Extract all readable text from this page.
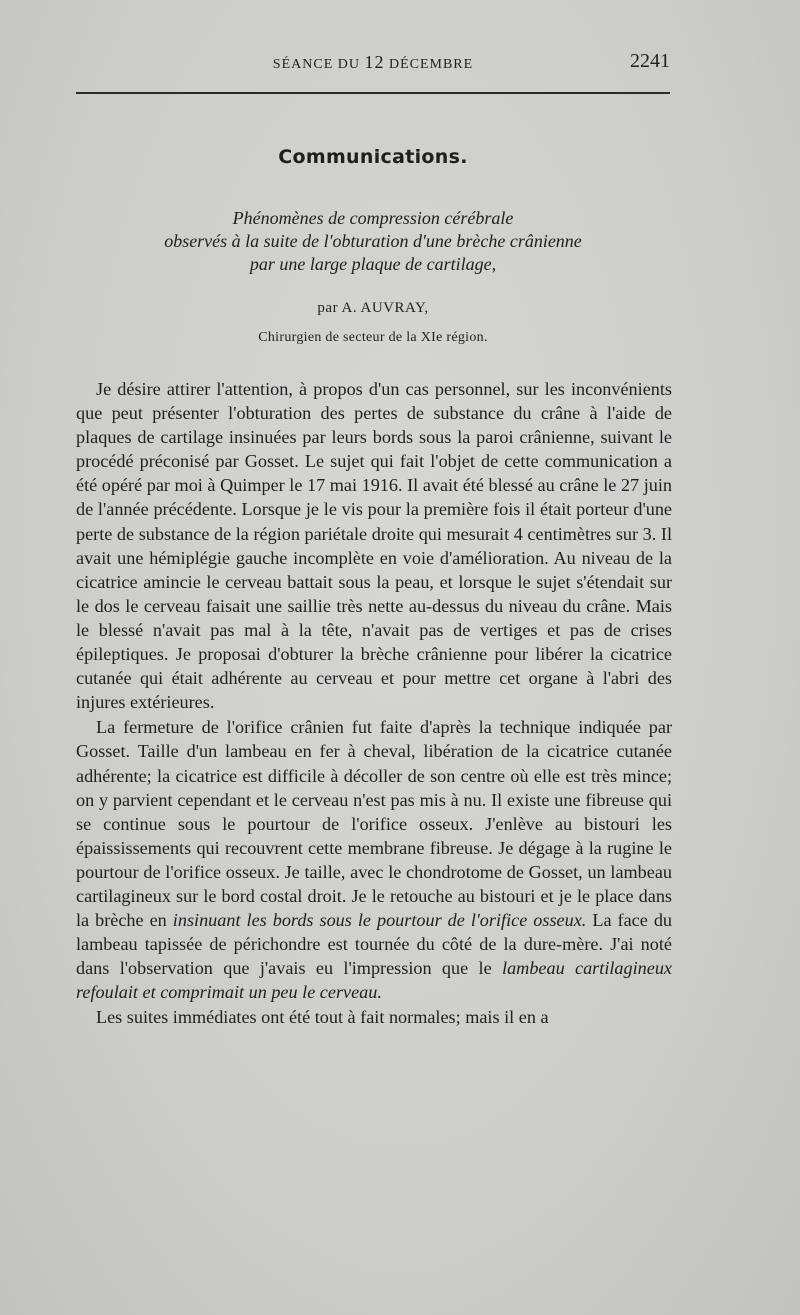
SÉANCE DU 12 DÉCEMBRE	2241
Communications.
Phénomènes de compression cérébrale
observés à la suite de l'obturation d'une brèche crânienne
par une large plaque de cartilage,
par A. AUVRAY,
Chirurgien de secteur de la XIe région.

Je désire attirer l'attention, à propos d'un cas personnel, sur les inconvénients que peut présenter l'obturation des pertes de substance du crâne à l'aide de plaques de cartilage insinuées par leurs bords sous la paroi crânienne, suivant le procédé préconisé par Gosset. Le sujet qui fait l'objet de cette communication a été opéré par moi à Quimper le 17 mai 1916. Il avait été blessé au crâne le 27 juin de l'année précédente. Lorsque je le vis pour la première fois il était porteur d'une perte de substance de la région pariétale droite qui mesurait 4 centimètres sur 3. Il avait une hémiplégie gauche incomplète en voie d'amélioration. Au niveau de la cicatrice amincie le cerveau battait sous la peau, et lorsque le sujet s'étendait sur le dos le cerveau faisait une saillie très nette au-dessus du niveau du crâne. Mais le blessé n'avait pas mal à la tête, n'avait pas de vertiges et pas de crises épileptiques. Je proposai d'obturer la brèche crânienne pour libérer la cicatrice cutanée qui était adhérente au cerveau et pour mettre cet organe à l'abri des injures extérieures.

La fermeture de l'orifice crânien fut faite d'après la technique indiquée par Gosset. Taille d'un lambeau en fer à cheval, libération de la cicatrice cutanée adhérente; la cicatrice est difficile à décoller de son centre où elle est très mince; on y parvient cependant et le cerveau n'est pas mis à nu. Il existe une fibreuse qui se continue sous le pourtour de l'orifice osseux. J'enlève au bistouri les épaississements qui recouvrent cette membrane fibreuse. Je dégage à la rugine le pourtour de l'orifice osseux. Je taille, avec le chondrotome de Gosset, un lambeau cartilagineux sur le bord costal droit. Je le retouche au bistouri et je le place dans la brèche en insinuant les bords sous le pourtour de l'orifice osseux. La face du lambeau tapissée de périchondre est tournée du côté de la dure-mère. J'ai noté dans l'observation que j'avais eu l'impression que le lambeau cartilagineux refoulait et comprimait un peu le cerveau.

Les suites immédiates ont été tout à fait normales; mais il en a
